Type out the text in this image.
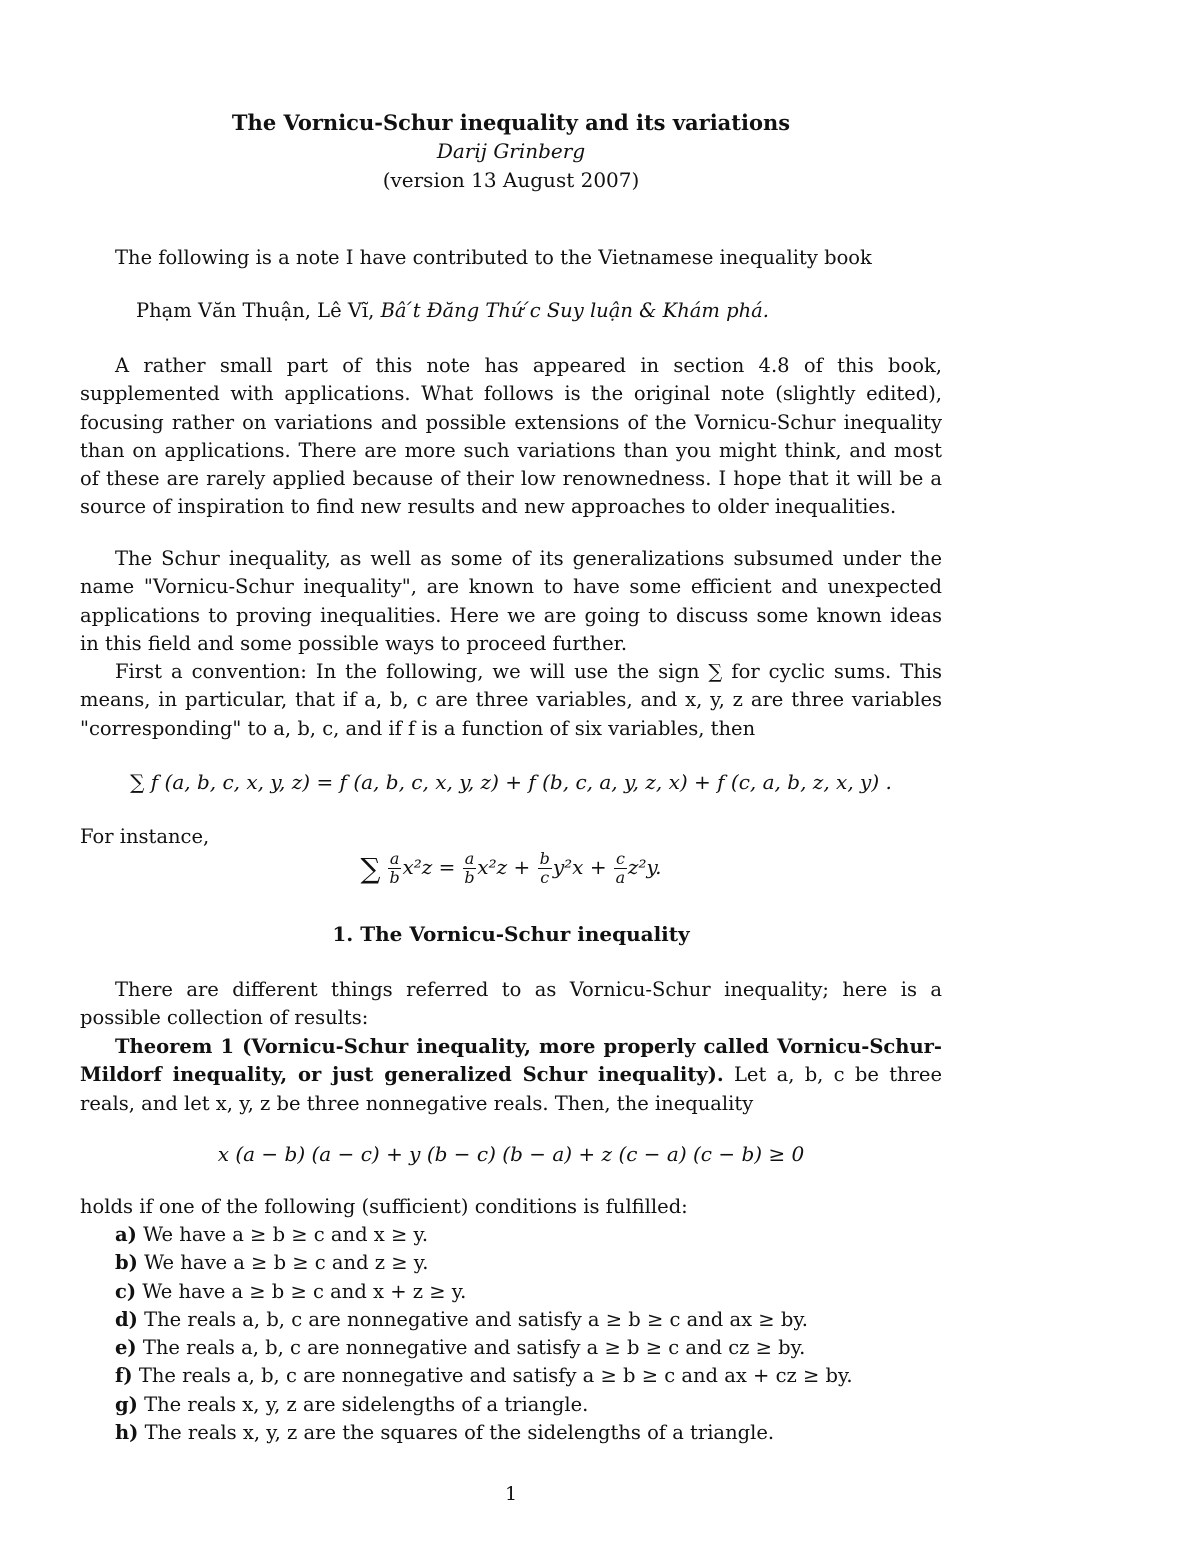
The Vornicu-Schur inequality and its variations
Darij Grinberg
(version 13 August 2007)

The following is a note I have contributed to the Vietnamese inequality book

Phạm Văn Thuận, Lê Vĩ, Bâ ́t Đăng Thứ ́c Suy luận & Khám phá.

A rather small part of this note has appeared in section 4.8 of this book, supplemented with applications. What follows is the original note (slightly edited), focusing rather on variations and possible extensions of the Vornicu-Schur inequality than on applications. There are more such variations than you might think, and most of these are rarely applied because of their low renownedness. I hope that it will be a source of inspiration to find new results and new approaches to older inequalities.

The Schur inequality, as well as some of its generalizations subsumed under the name "Vornicu-Schur inequality", are known to have some efficient and unexpected applications to proving inequalities. Here we are going to discuss some known ideas in this field and some possible ways to proceed further.

First a convention: In the following, we will use the sign ∑ for cyclic sums. This means, in particular, that if a, b, c are three variables, and x, y, z are three variables "corresponding" to a, b, c, and if f is a function of six variables, then

∑ f (a, b, c, x, y, z) = f (a, b, c, x, y, z) + f (b, c, a, y, z, x) + f (c, a, b, z, x, y) .

For instance,

∑ $\frac{a}{b} x^2z = \frac{a}{b} x^2z + \frac{b}{c} y^2x + \frac{c}{a} z^2y$.
1. The Vornicu-Schur inequality

There are different things referred to as Vornicu-Schur inequality; here is a possible collection of results:

Theorem 1 (Vornicu-Schur inequality, more properly called Vornicu-Schur-Mildorf inequality, or just generalized Schur inequality). Let a, b, c be three reals, and let x, y, z be three nonnegative reals. Then, the inequality

x (a − b) (a − c) + y (b − c) (b − a) + z (c − a) (c − b) ≥ 0

holds if one of the following (sufficient) conditions is fulfilled:

a) We have a ≥ b ≥ c and x ≥ y.
b) We have a ≥ b ≥ c and z ≥ y.
c) We have a ≥ b ≥ c and x + z ≥ y.
d) The reals a, b, c are nonnegative and satisfy a ≥ b ≥ c and ax ≥ by.
e) The reals a, b, c are nonnegative and satisfy a ≥ b ≥ c and cz ≥ by.
f) The reals a, b, c are nonnegative and satisfy a ≥ b ≥ c and ax + cz ≥ by.
g) The reals x, y, z are sidelengths of a triangle.
h) The reals x, y, z are the squares of the sidelengths of a triangle.
1
